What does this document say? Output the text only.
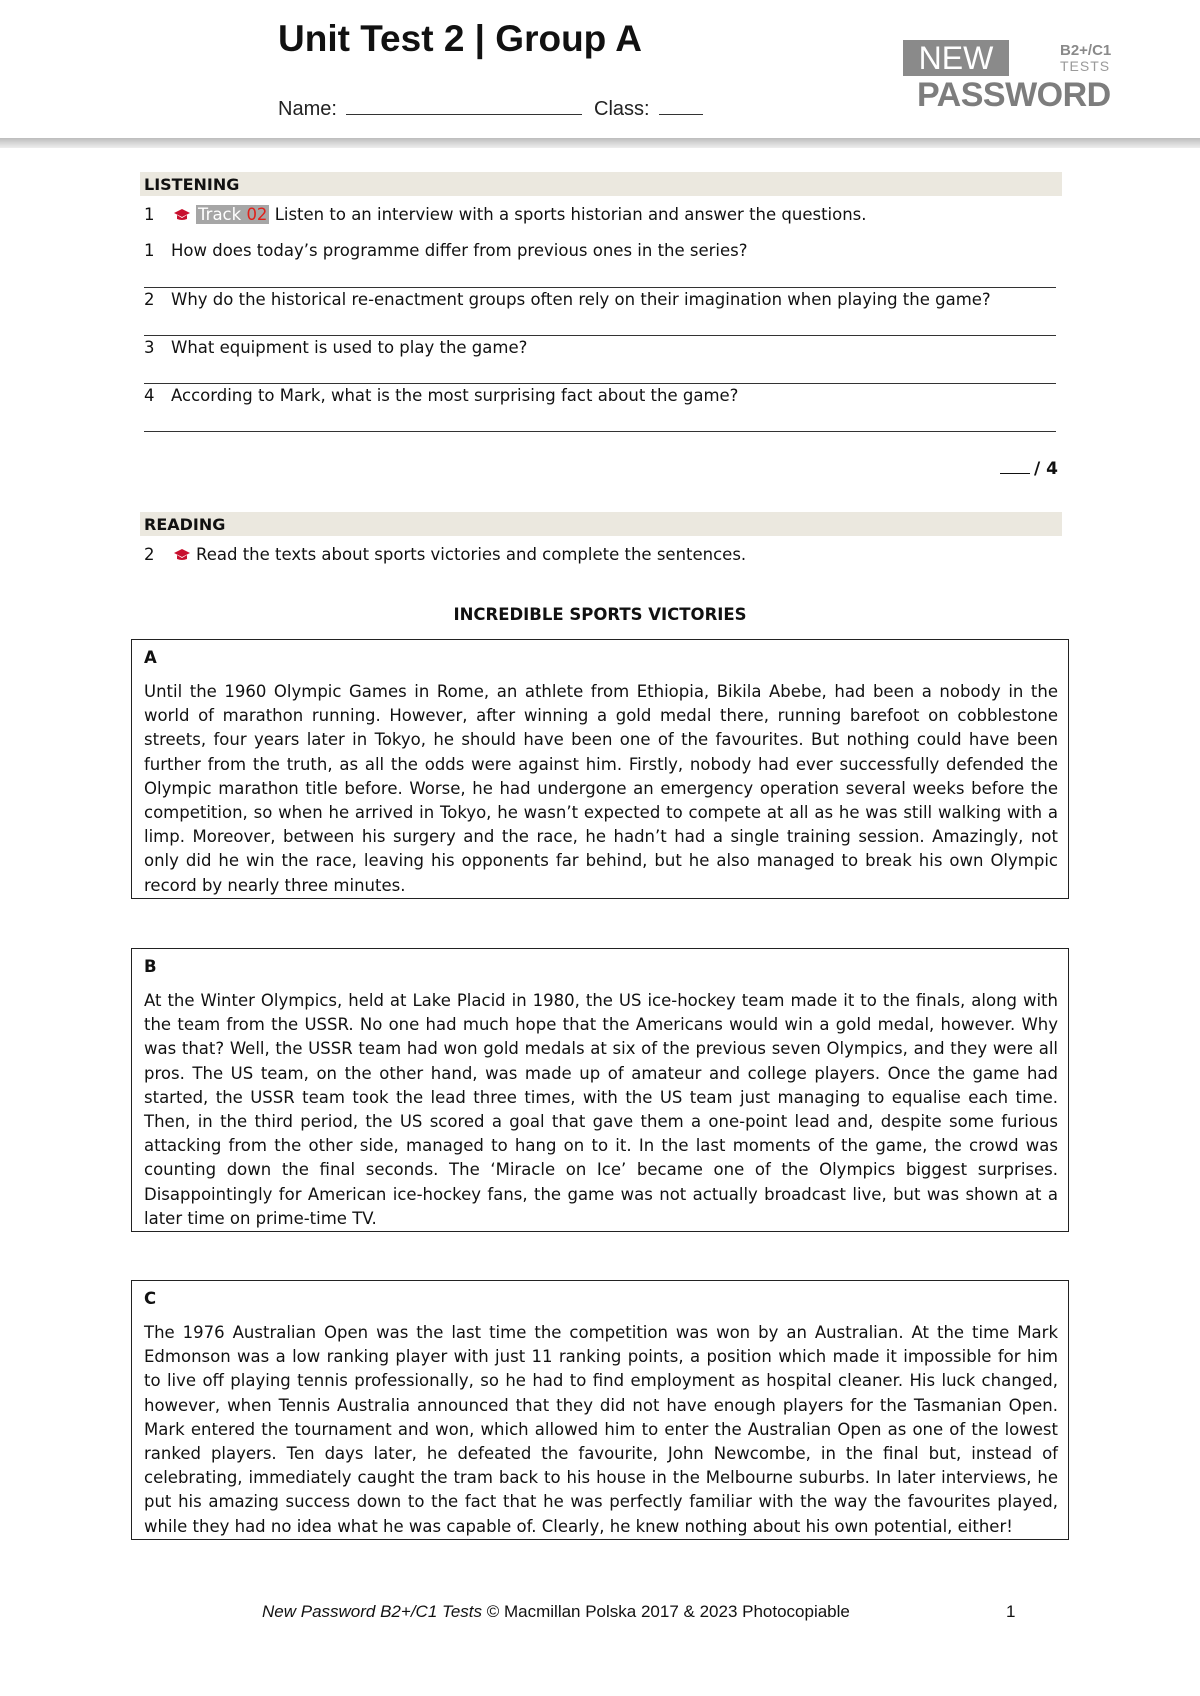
Unit Test 2 | Group A
Name:	Class:
NEW	B2+/C1
TESTS
PASSWORD
LISTENING
1	Track 02 Listen to an interview with a sports historian and answer the questions.
1 How does today’s programme differ from previous ones in the series?
2 Why do the historical re-enactment groups often rely on their imagination when playing the game?
3 What equipment is used to play the game?
4 According to Mark, what is the most surprising fact about the game?
/ 4
READING
2	Read the texts about sports victories and complete the sentences.
INCREDIBLE SPORTS VICTORIES
A
Until the 1960 Olympic Games in Rome, an athlete from Ethiopia, Bikila Abebe, had been a nobody in the world of marathon running. However, after winning a gold medal there, running barefoot on cobblestone streets, four years later in Tokyo, he should have been one of the favourites. But nothing could have been further from the truth, as all the odds were against him. Firstly, nobody had ever successfully defended the Olympic marathon title before. Worse, he had undergone an emergency operation several weeks before the competition, so when he arrived in Tokyo, he wasn’t expected to compete at all as he was still walking with a limp. Moreover, between his surgery and the race, he hadn’t had a single training session. Amazingly, not only did he win the race, leaving his opponents far behind, but he also managed to break his own Olympic record by nearly three minutes.
B
At the Winter Olympics, held at Lake Placid in 1980, the US ice-hockey team made it to the finals, along with the team from the USSR. No one had much hope that the Americans would win a gold medal, however. Why was that? Well, the USSR team had won gold medals at six of the previous seven Olympics, and they were all pros. The US team, on the other hand, was made up of amateur and college players. Once the game had started, the USSR team took the lead three times, with the US team just managing to equalise each time. Then, in the third period, the US scored a goal that gave them a one-point lead and, despite some furious attacking from the other side, managed to hang on to it. In the last moments of the game, the crowd was counting down the final seconds. The ‘Miracle on Ice’ became one of the Olympics biggest surprises. Disappointingly for American ice-hockey fans, the game was not actually broadcast live, but was shown at a later time on prime-time TV.
C
The 1976 Australian Open was the last time the competition was won by an Australian. At the time Mark Edmonson was a low ranking player with just 11 ranking points, a position which made it impossible for him to live off playing tennis professionally, so he had to find employment as hospital cleaner. His luck changed, however, when Tennis Australia announced that they did not have enough players for the Tasmanian Open. Mark entered the tournament and won, which allowed him to enter the Australian Open as one of the lowest ranked players. Ten days later, he defeated the favourite, John Newcombe, in the final but, instead of celebrating, immediately caught the tram back to his house in the Melbourne suburbs. In later interviews, he put his amazing success down to the fact that he was perfectly familiar with the way the favourites played, while they had no idea what he was capable of. Clearly, he knew nothing about his own potential, either!
New Password B2+/C1 Tests © Macmillan Polska 2017 & 2023 Photocopiable	1
